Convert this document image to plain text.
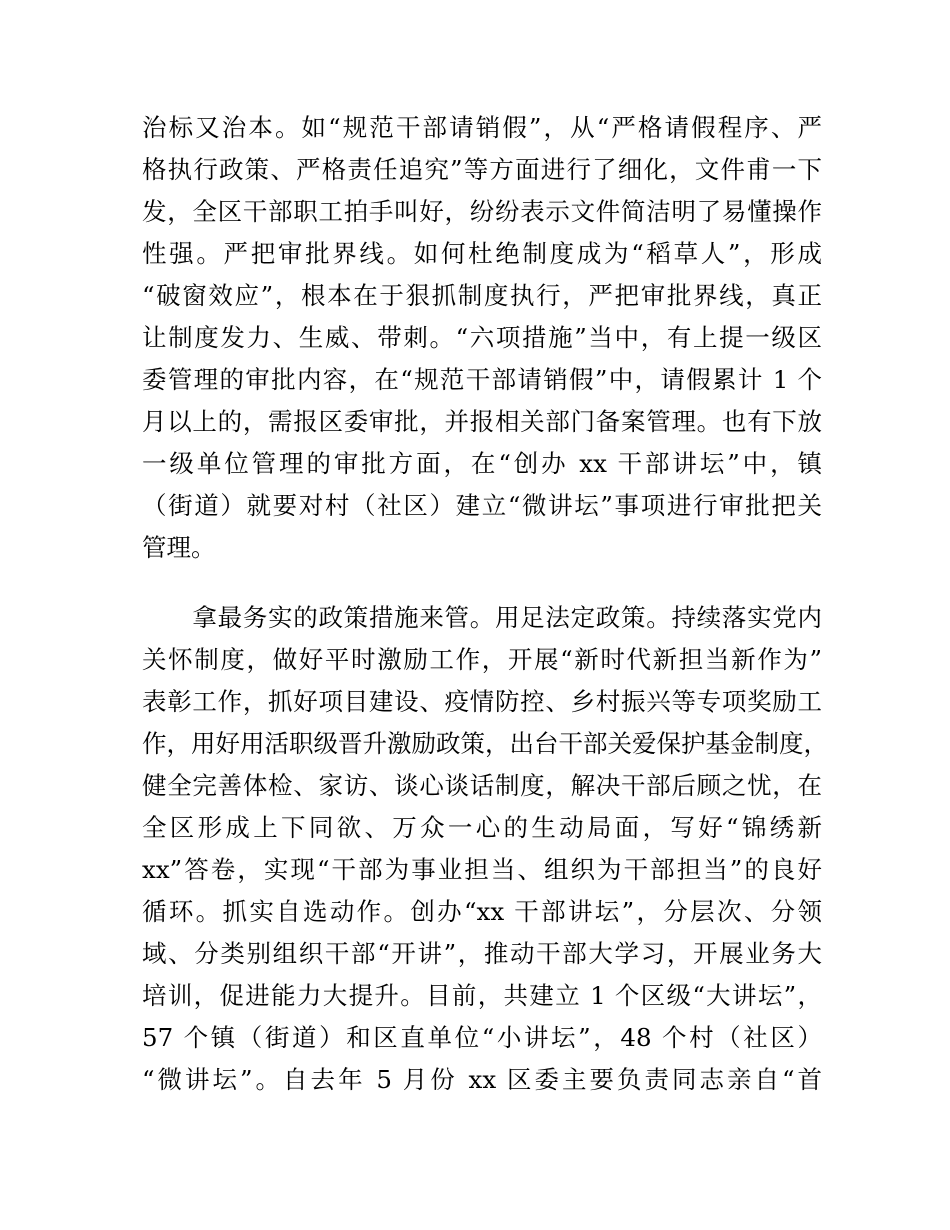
治标又治本。如“规范干部请销假”，从“严格请假程序、严
格执行政策、严格责任追究”等方面进行了细化，文件甫一下
发，全区干部职工拍手叫好，纷纷表示文件简洁明了易懂操作
性强。严把审批界线。如何杜绝制度成为“稻草人”，形成
“破窗效应”，根本在于狠抓制度执行，严把审批界线，真正
让制度发力、生威、带刺。“六项措施”当中，有上提一级区
委管理的审批内容，在“规范干部请销假”中，请假累计 1 个
月以上的，需报区委审批，并报相关部门备案管理。也有下放
一级单位管理的审批方面，在“创办 xx 干部讲坛”中，镇
（街道）就要对村（社区）建立“微讲坛”事项进行审批把关
管理。
　　拿最务实的政策措施来管。用足法定政策。持续落实党内
关怀制度，做好平时激励工作，开展“新时代新担当新作为”
表彰工作，抓好项目建设、疫情防控、乡村振兴等专项奖励工
作，用好用活职级晋升激励政策，出台干部关爱保护基金制度，
健全完善体检、家访、谈心谈话制度，解决干部后顾之忧，在
全区形成上下同欲、万众一心的生动局面，写好“锦绣新
xx”答卷，实现“干部为事业担当、组织为干部担当”的良好
循环。抓实自选动作。创办“xx 干部讲坛”，分层次、分领
域、分类别组织干部“开讲”，推动干部大学习，开展业务大
培训，促进能力大提升。目前，共建立 1 个区级“大讲坛”，
57 个镇（街道）和区直单位“小讲坛”，48 个村（社区）
“微讲坛”。自去年 5 月份 xx 区委主要负责同志亲自“首
